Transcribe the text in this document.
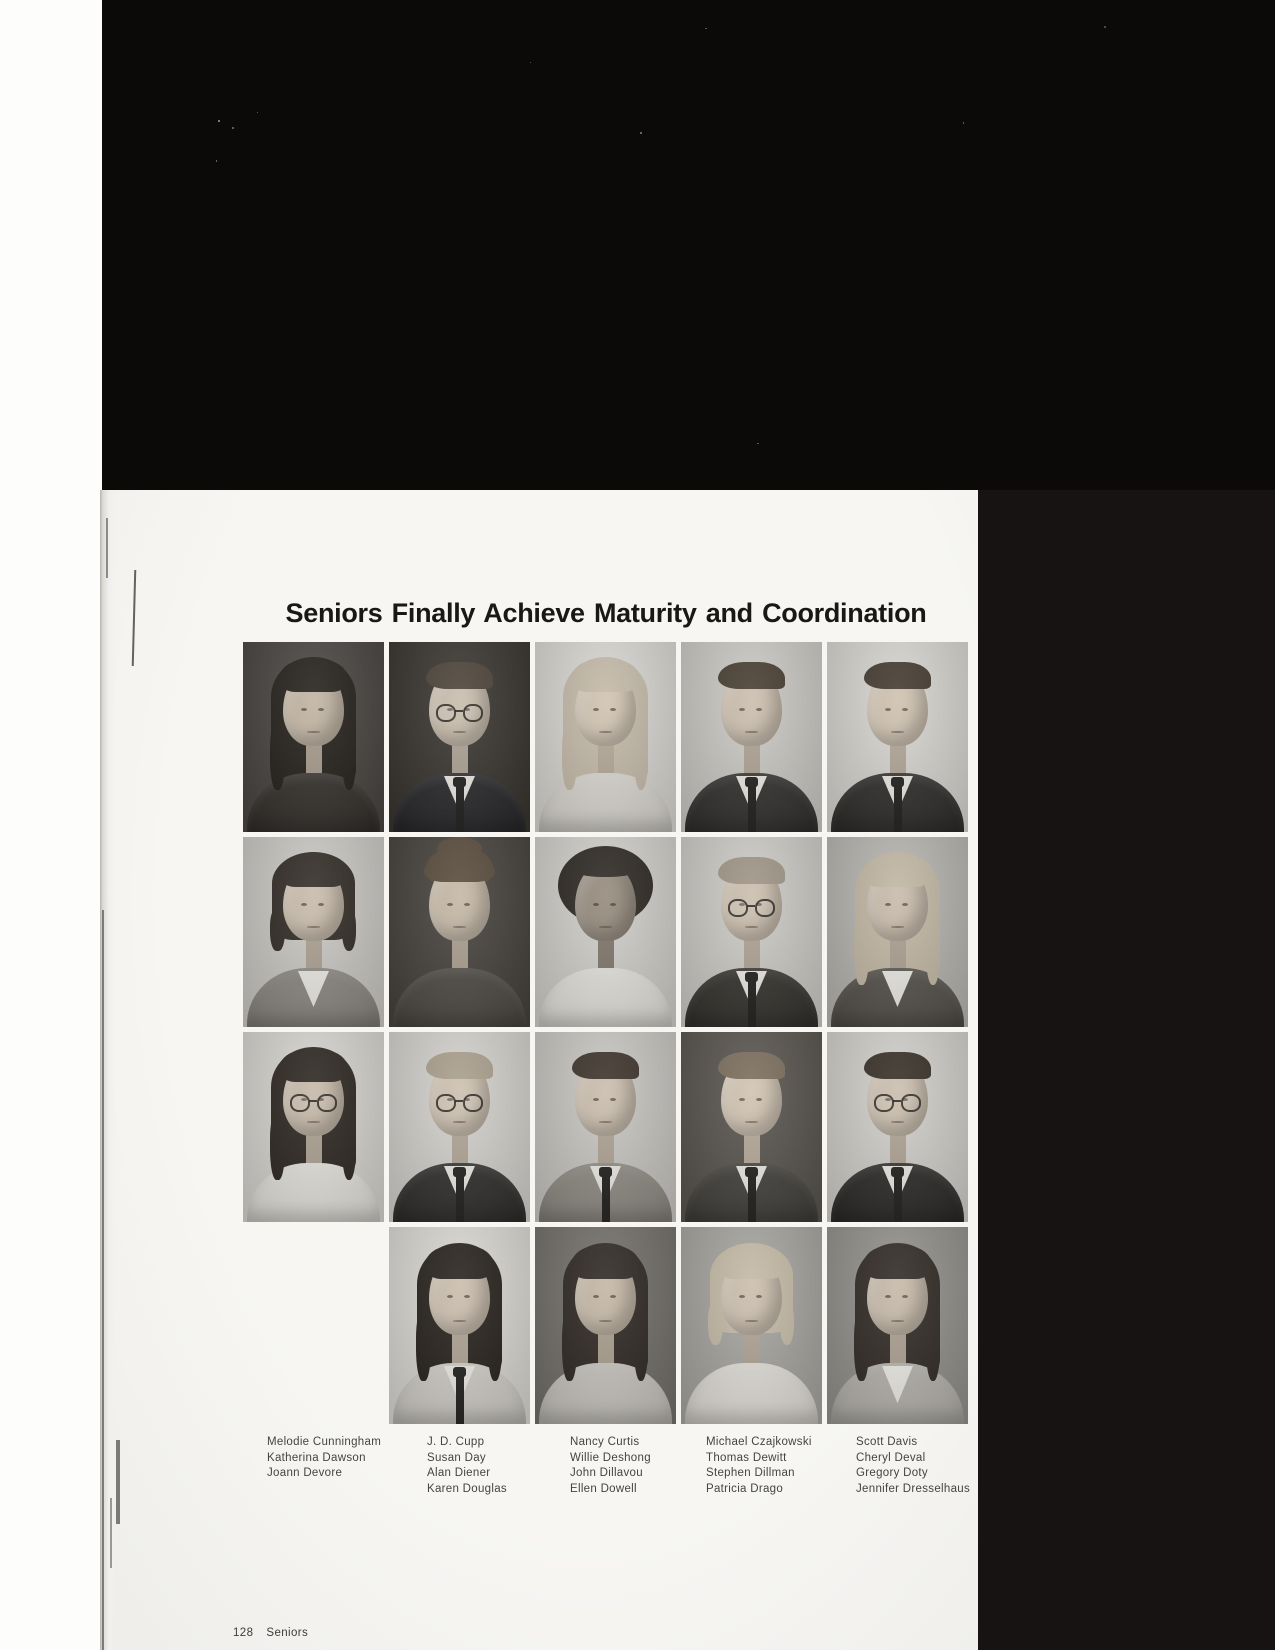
Seniors Finally Achieve Maturity and Coordination
Melodie Cunningham
Katherina Dawson
Joann Devore
J. D. Cupp
Susan Day
Alan Diener
Karen Douglas
Nancy Curtis
Willie Deshong
John Dillavou
Ellen Dowell
Michael Czajkowski
Thomas Dewitt
Stephen Dillman
Patricia Drago
Scott Davis
Cheryl Deval
Gregory Doty
Jennifer Dresselhaus
128 Seniors
